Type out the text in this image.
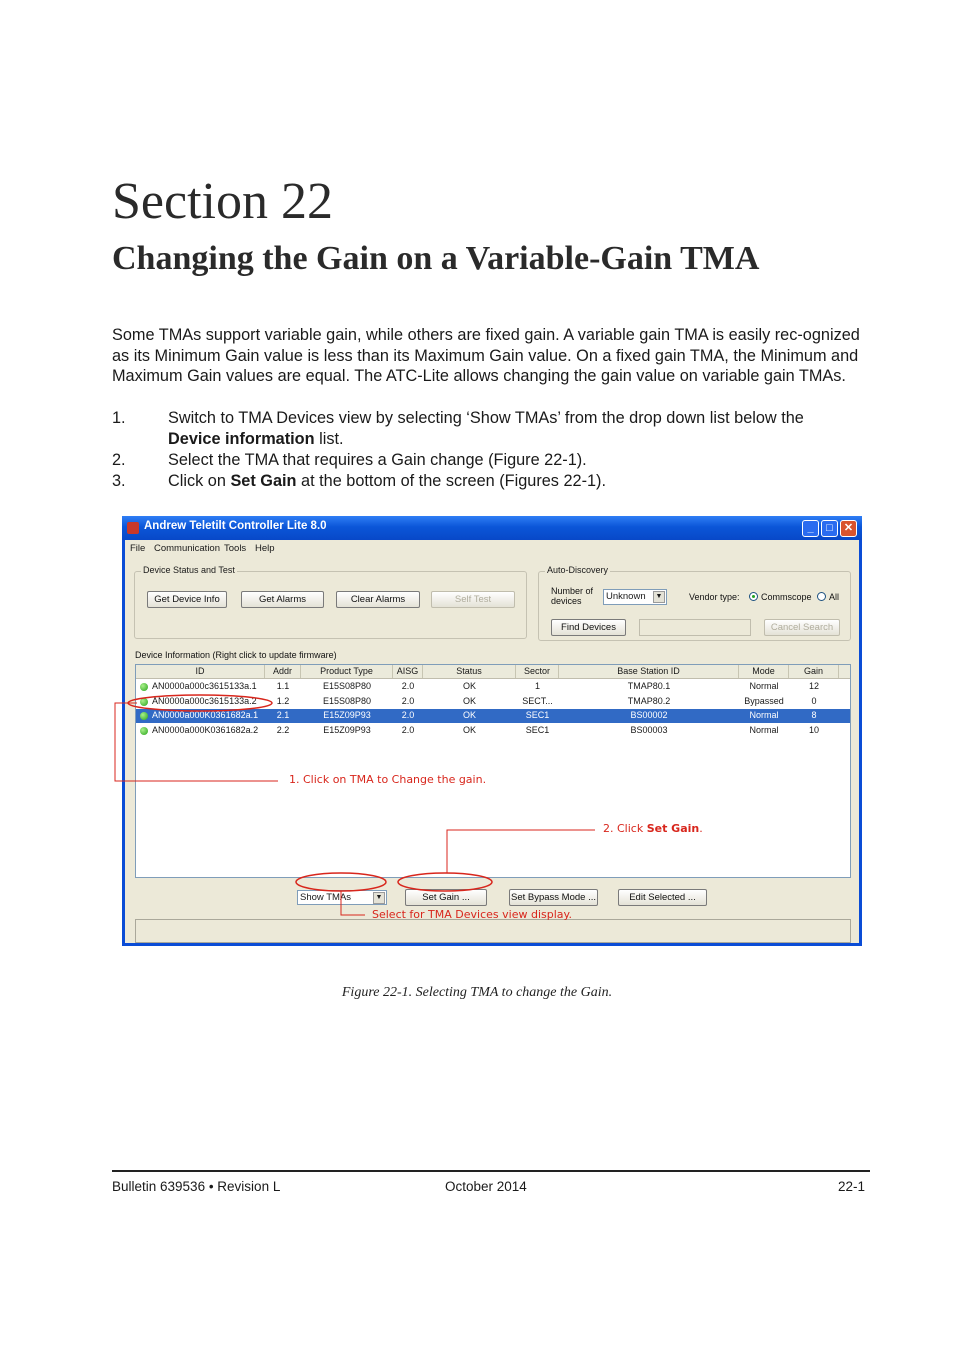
Section 22
Changing the Gain on a Variable-Gain TMA

Some TMAs support variable gain, while others are fixed gain. A variable gain TMA is easily rec-ognized as its Minimum Gain value is less than its Maximum Gain value. On a fixed gain TMA, the Minimum and Maximum Gain values are equal. The ATC-Lite allows changing the gain value on variable gain TMAs.

1.	Switch to TMA Devices view by selecting ‘Show TMAs’ from the drop down list below the Device information list.
2.	Select the TMA that requires a Gain change (Figure 22-1).
3.	Click on Set Gain at the bottom of the screen (Figures 22-1).
Andrew Teletilt Controller Lite 8.0	_	□	✕
File Communication Tools Help
Device Status and Test
Get Device Info	Get Alarms	Clear Alarms	Self Test
Auto-Discovery
Number of devices	Unknown	▼	Vendor type: Commscope All
Find Devices	Cancel Search
Device Information (Right click to update firmware)
ID	Addr	Product Type	AISG	Status	Sector	Base Station ID	Mode	Gain
AN0000a000c3615133a.1	1.1	E15S08P80	2.0	OK	1	TMAP80.1	Normal	12
AN0000a000c3615133a.2	1.2	E15S08P80	2.0	OK	SECT...	TMAP80.2	Bypassed	0
AN0000a000K0361682a.1	2.1	E15Z09P93	2.0	OK	SEC1	BS00002	Normal	8
AN0000a000K0361682a.2	2.2	E15Z09P93	2.0	OK	SEC1	BS00003	Normal	10
Show TMAs	▼	Set Gain ...	Set Bypass Mode ...	Edit Selected ...
1. Click on TMA to Change the gain.
2. Click Set Gain.
Select for TMA Devices view display.
Figure 22-1. Selecting TMA to change the Gain.
Bulletin 639536 • Revision L	October 2014	22-1
